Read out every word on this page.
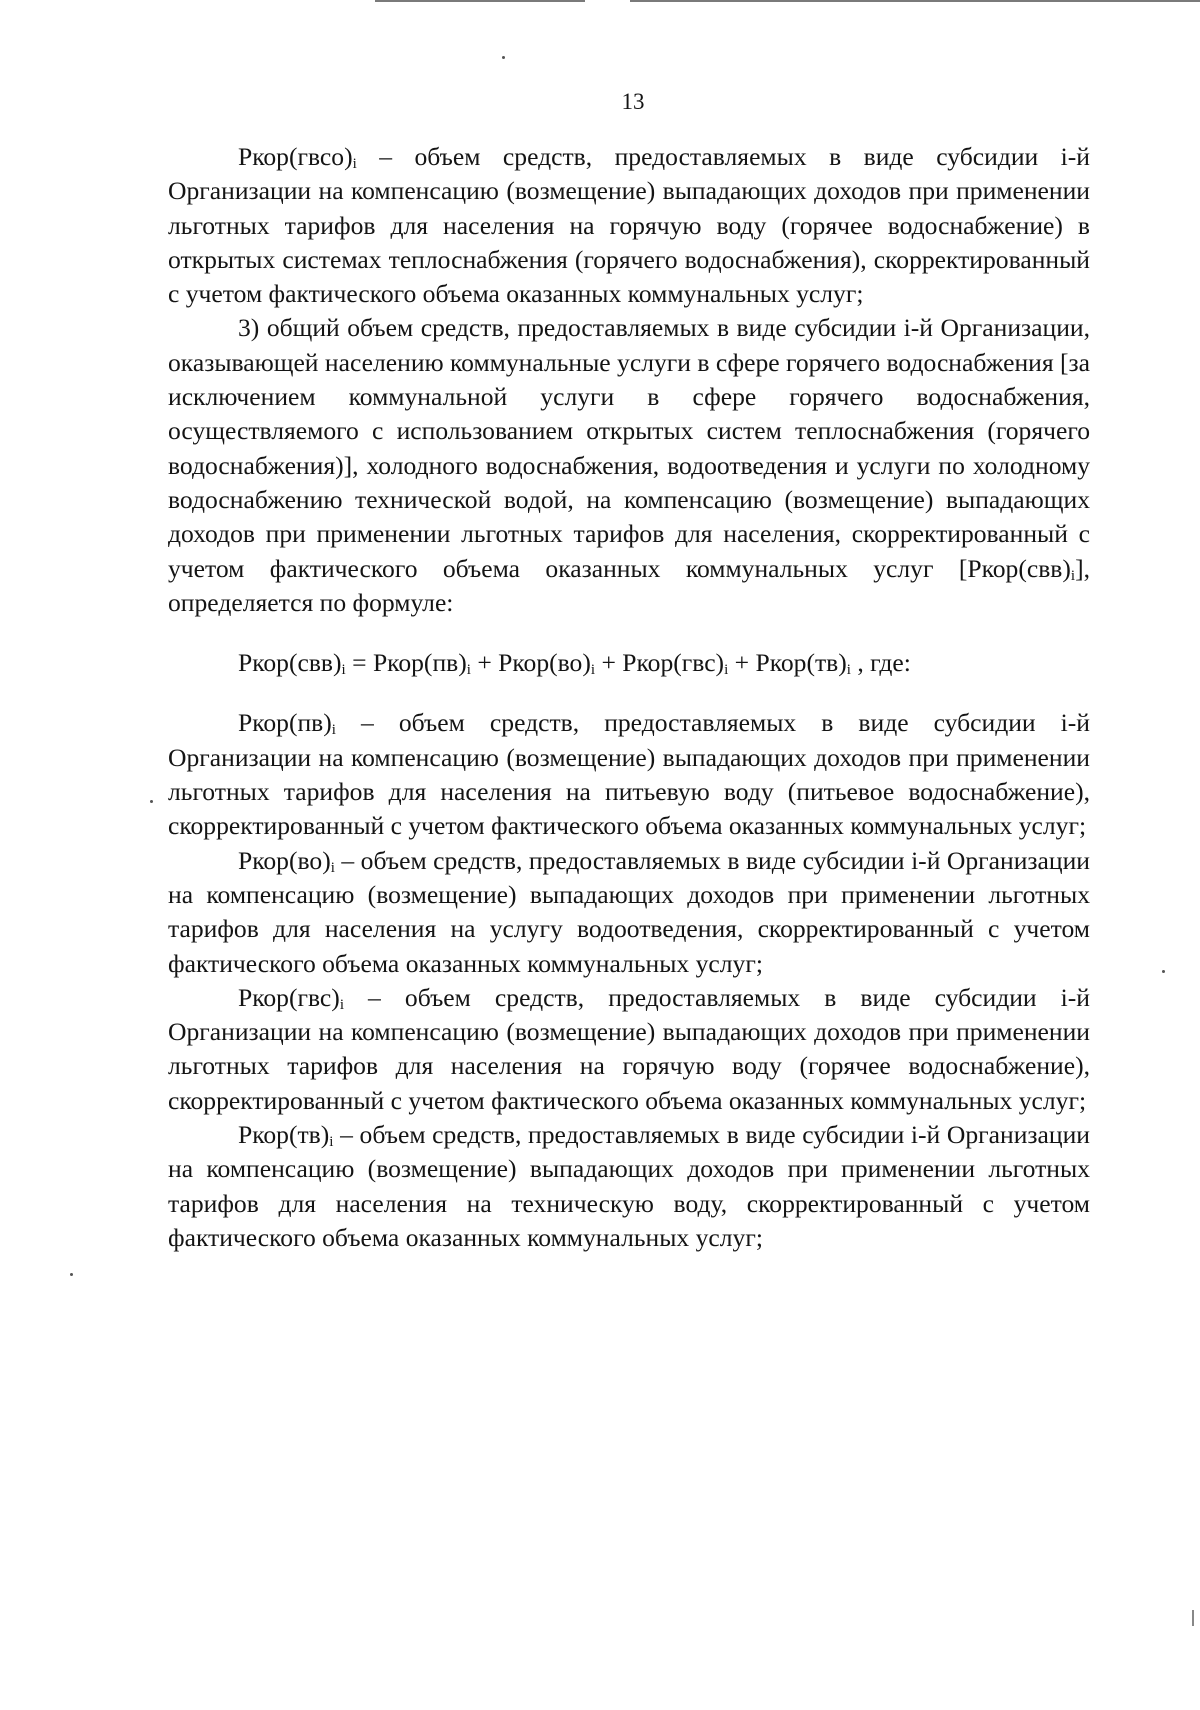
13

$Ркор(гвсо)_i$ – объем средств, предоставляемых в виде субсидии i-й Организации на компенсацию (возмещение) выпадающих доходов при применении льготных тарифов для населения на горячую воду (горячее водоснабжение) в открытых системах теплоснабжения (горячего водоснабжения), скорректированный с учетом фактического объема оказанных коммунальных услуг;

3) общий объем средств, предоставляемых в виде субсидии i-й Организации, оказывающей населению коммунальные услуги в сфере горячего водоснабжения [за исключением коммунальной услуги в сфере горячего водоснабжения, осуществляемого с использованием открытых систем теплоснабжения (горячего водоснабжения)], холодного водоснабжения, водоотведения и услуги по холодному водоснабжению технической водой, на компенсацию (возмещение) выпадающих доходов при применении льготных тарифов для населения, скорректированный с учетом фактического объема оказанных коммунальных услуг $[Ркор(свв)_i]$, определяется по формуле:

$Ркор(свв)_i$ = $Ркор(пв)_i$ + $Ркор(во)_i$ + $Ркор(гвс)_i$ + $Ркор(тв)_i$ , где:

$Ркор(пв)_i$ – объем средств, предоставляемых в виде субсидии i-й Организации на компенсацию (возмещение) выпадающих доходов при применении льготных тарифов для населения на питьевую воду (питьевое водоснабжение), скорректированный с учетом фактического объема оказанных коммунальных услуг;

$Ркор(во)_i$ – объем средств, предоставляемых в виде субсидии i-й Организации на компенсацию (возмещение) выпадающих доходов при применении льготных тарифов для населения на услугу водоотведения, скорректированный с учетом фактического объема оказанных коммунальных услуг;

$Ркор(гвс)_i$ – объем средств, предоставляемых в виде субсидии i-й Организации на компенсацию (возмещение) выпадающих доходов при применении льготных тарифов для населения на горячую воду (горячее водоснабжение), скорректированный с учетом фактического объема оказанных коммунальных услуг;

$Ркор(тв)_i$ – объем средств, предоставляемых в виде субсидии i-й Организации на компенсацию (возмещение) выпадающих доходов при применении льготных тарифов для населения на техническую воду, скорректированный с учетом фактического объема оказанных коммунальных услуг;
